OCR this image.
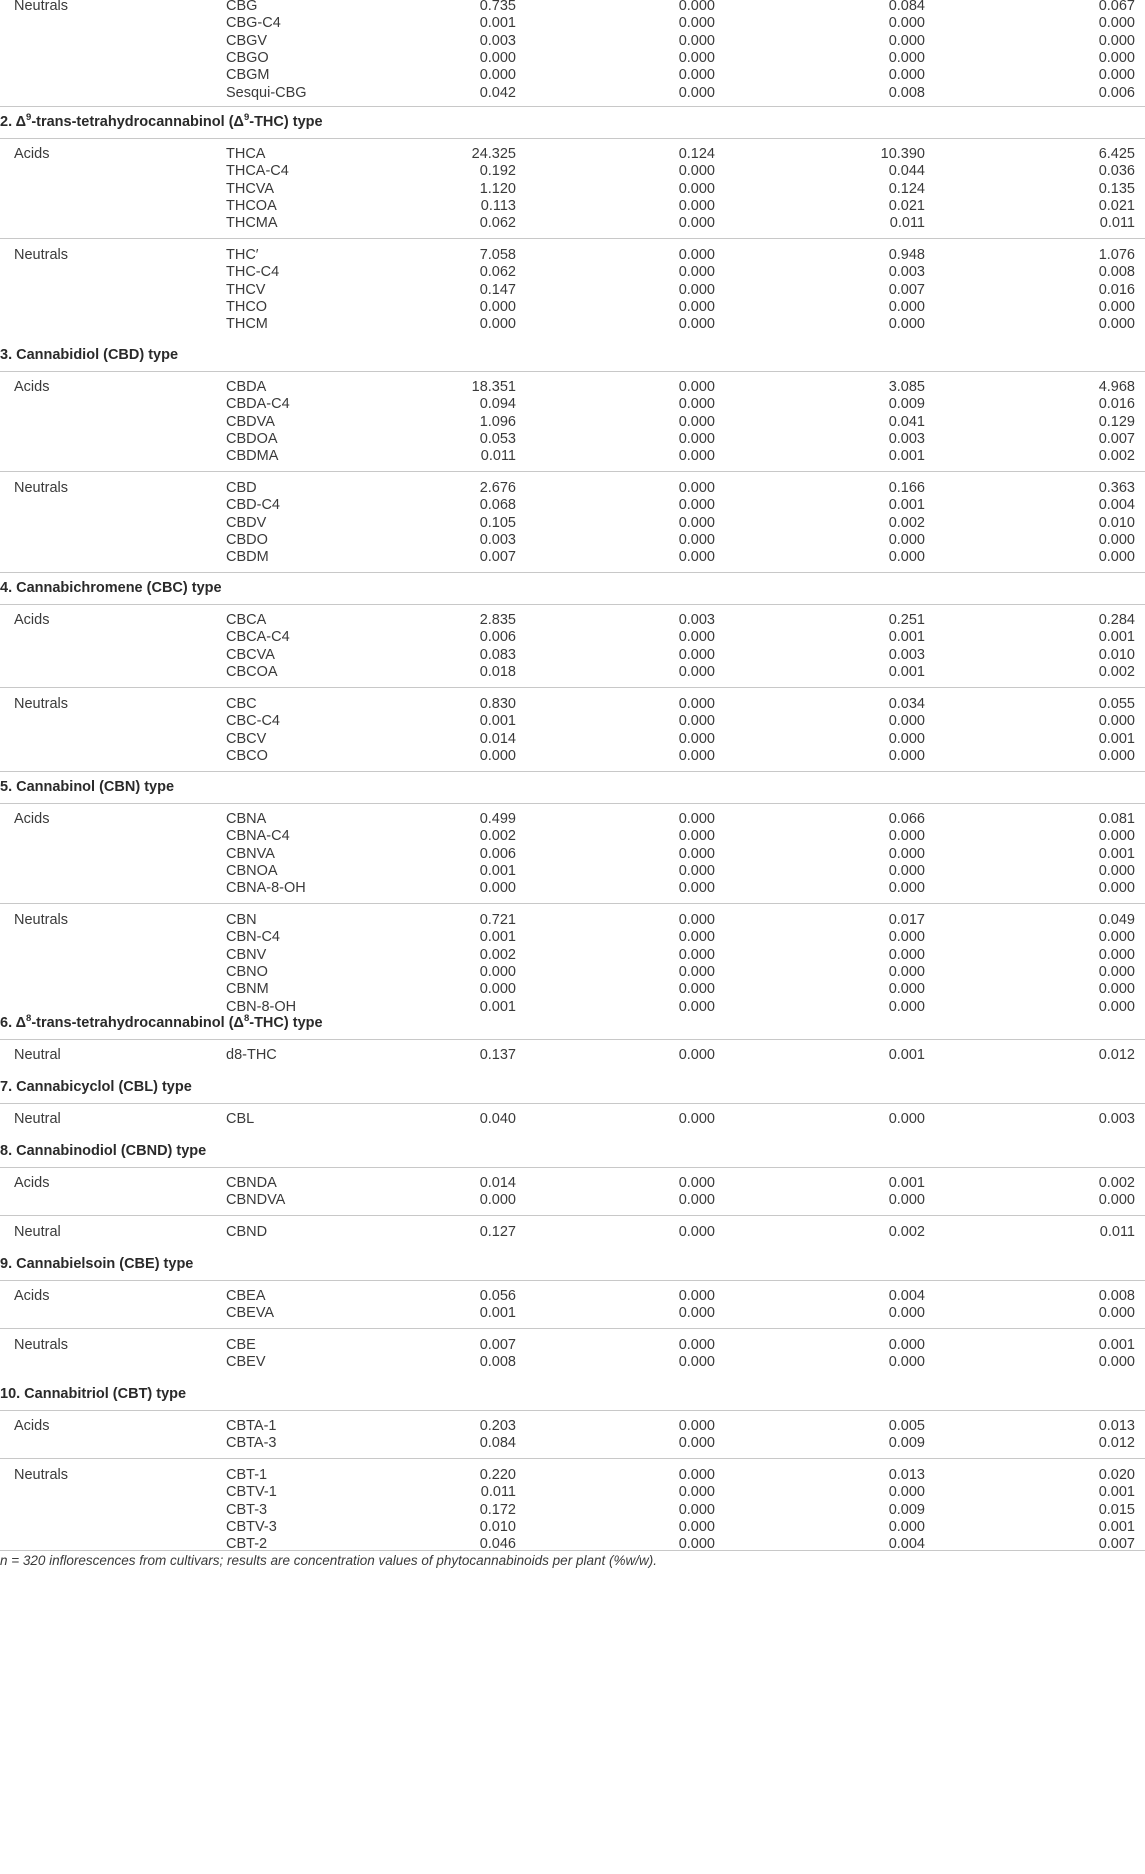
Neutrals	CBG	0.735	0.000	0.084	0.067
CBG-C4	0.001	0.000	0.000	0.000
CBGV	0.003	0.000	0.000	0.000
CBGO	0.000	0.000	0.000	0.000
CBGM	0.000	0.000	0.000	0.000
Sesqui-CBG	0.042	0.000	0.008	0.006
2. $\Delta^9-trans$-tetrahydrocannabinol $(\Delta^9-THC)$ type
Acids	THCA	24.325	0.124	10.390	6.425
THCA-C4	0.192	0.000	0.044	0.036
THCVA	1.120	0.000	0.124	0.135
THCOA	0.113	0.000	0.021	0.021
THCMA	0.062	0.000	0.011	0.011
Neutrals	THC′	7.058	0.000	0.948	1.076
THC-C4	0.062	0.000	0.003	0.008
THCV	0.147	0.000	0.007	0.016
THCO	0.000	0.000	0.000	0.000
THCM	0.000	0.000	0.000	0.000
3. Cannabidiol (CBD) type
Acids	CBDA	18.351	0.000	3.085	4.968
CBDA-C4	0.094	0.000	0.009	0.016
CBDVA	1.096	0.000	0.041	0.129
CBDOA	0.053	0.000	0.003	0.007
CBDMA	0.011	0.000	0.001	0.002
Neutrals	CBD	2.676	0.000	0.166	0.363
CBD-C4	0.068	0.000	0.001	0.004
CBDV	0.105	0.000	0.002	0.010
CBDO	0.003	0.000	0.000	0.000
CBDM	0.007	0.000	0.000	0.000
4. Cannabichromene (CBC) type
Acids	CBCA	2.835	0.003	0.251	0.284
CBCA-C4	0.006	0.000	0.001	0.001
CBCVA	0.083	0.000	0.003	0.010
CBCOA	0.018	0.000	0.001	0.002
Neutrals	CBC	0.830	0.000	0.034	0.055
CBC-C4	0.001	0.000	0.000	0.000
CBCV	0.014	0.000	0.000	0.001
CBCO	0.000	0.000	0.000	0.000
5. Cannabinol (CBN) type
Acids	CBNA	0.499	0.000	0.066	0.081
CBNA-C4	0.002	0.000	0.000	0.000
CBNVA	0.006	0.000	0.000	0.001
CBNOA	0.001	0.000	0.000	0.000
CBNA-8-OH	0.000	0.000	0.000	0.000
Neutrals	CBN	0.721	0.000	0.017	0.049
CBN-C4	0.001	0.000	0.000	0.000
CBNV	0.002	0.000	0.000	0.000
CBNO	0.000	0.000	0.000	0.000
CBNM	0.000	0.000	0.000	0.000
CBN-8-OH	0.001	0.000	0.000	0.000
6. $\Delta^8-trans$-tetrahydrocannabinol $(\Delta^8-THC)$ type
Neutral	d8-THC	0.137	0.000	0.001	0.012
7. Cannabicyclol (CBL) type
Neutral	CBL	0.040	0.000	0.000	0.003
8. Cannabinodiol (CBND) type
Acids	CBNDA	0.014	0.000	0.001	0.002
CBNDVA	0.000	0.000	0.000	0.000
Neutral	CBND	0.127	0.000	0.002	0.011
9. Cannabielsoin (CBE) type
Acids	CBEA	0.056	0.000	0.004	0.008
CBEVA	0.001	0.000	0.000	0.000
Neutrals	CBE	0.007	0.000	0.000	0.001
CBEV	0.008	0.000	0.000	0.000
10. Cannabitriol (CBT) type
Acids	CBTA-1	0.203	0.000	0.005	0.013
CBTA-3	0.084	0.000	0.009	0.012
Neutrals	CBT-1	0.220	0.000	0.013	0.020
CBTV-1	0.011	0.000	0.000	0.001
CBT-3	0.172	0.000	0.009	0.015
CBTV-3	0.010	0.000	0.000	0.001
CBT-2	0.046	0.000	0.004	0.007
n = 320 inflorescences from cultivars; results are concentration values of phytocannabinoids per plant (%w/w).
